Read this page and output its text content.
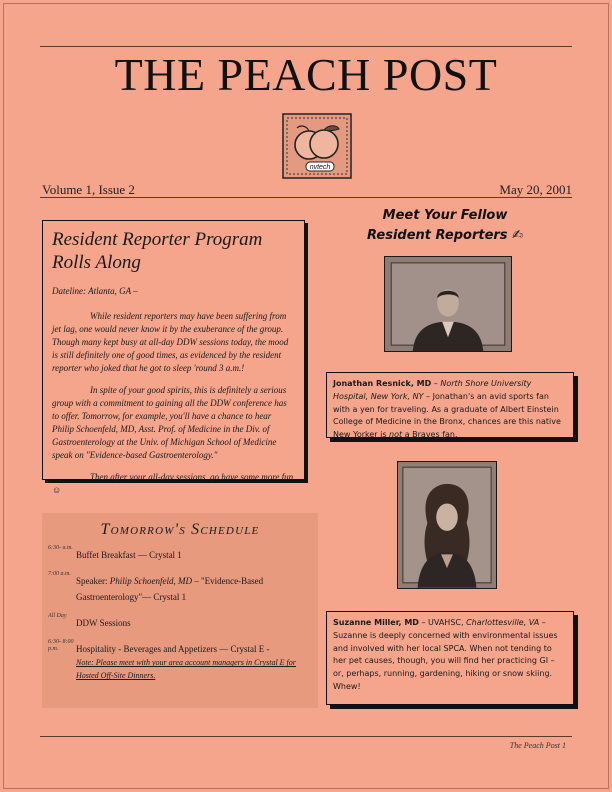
THE PEACH POST
nvtech
Volume 1, Issue 2	May 20, 2001
Resident Reporter Program Rolls Along

Dateline: Atlanta, GA –

While resident reporters may have been suffering from jet lag, one would never know it by the exuberance of the group. Though many kept busy at all-day DDW sessions today, the mood is still definitely one of good times, as evidenced by the resident reporter who joked that he got to sleep 'round 3 a.m.!

In spite of your good spirits, this is definitely a serious group with a commitment to gaining all the DDW conference has to offer. Tomorrow, for example, you'll have a chance to hear Philip Schoenfeld, MD, Asst. Prof. of Medicine in the Div. of Gastroenterology at the Univ. of Michigan School of Medicine speak on "Evidence-based Gastroenterology."

Then after your all-day sessions, go have some more fun ☺

Tomorrow's Schedule
6:30- a.m.
Buffet Breakfast — Crystal 1
7:00 a.m.
Speaker: Philip Schoenfeld, MD – "Evidence-Based Gastroenterology"— Crystal 1
All Day
DDW Sessions
6:30- 8:00 p.m.	Hospitality - Beverages and Appetizers — Crystal E -
Note: Please meet with your area account managers in Crystal E for Hosted Off-Site Dinners.
Meet Your Fellow
Resident Reporters ✍
Jonathan Resnick, MD – North Shore University Hospital, New York, NY – Jonathan's an avid sports fan with a yen for traveling. As a graduate of Albert Einstein College of Medicine in the Bronx, chances are this native New Yorker is not a Braves fan.
Suzanne Miller, MD – UVAHSC, Charlottesville, VA – Suzanne is deeply concerned with environmental issues and involved with her local SPCA. When not tending to her pet causes, though, you will find her practicing GI – or, perhaps, running, gardening, hiking or snow skiing. Whew!
The Peach Post 1
